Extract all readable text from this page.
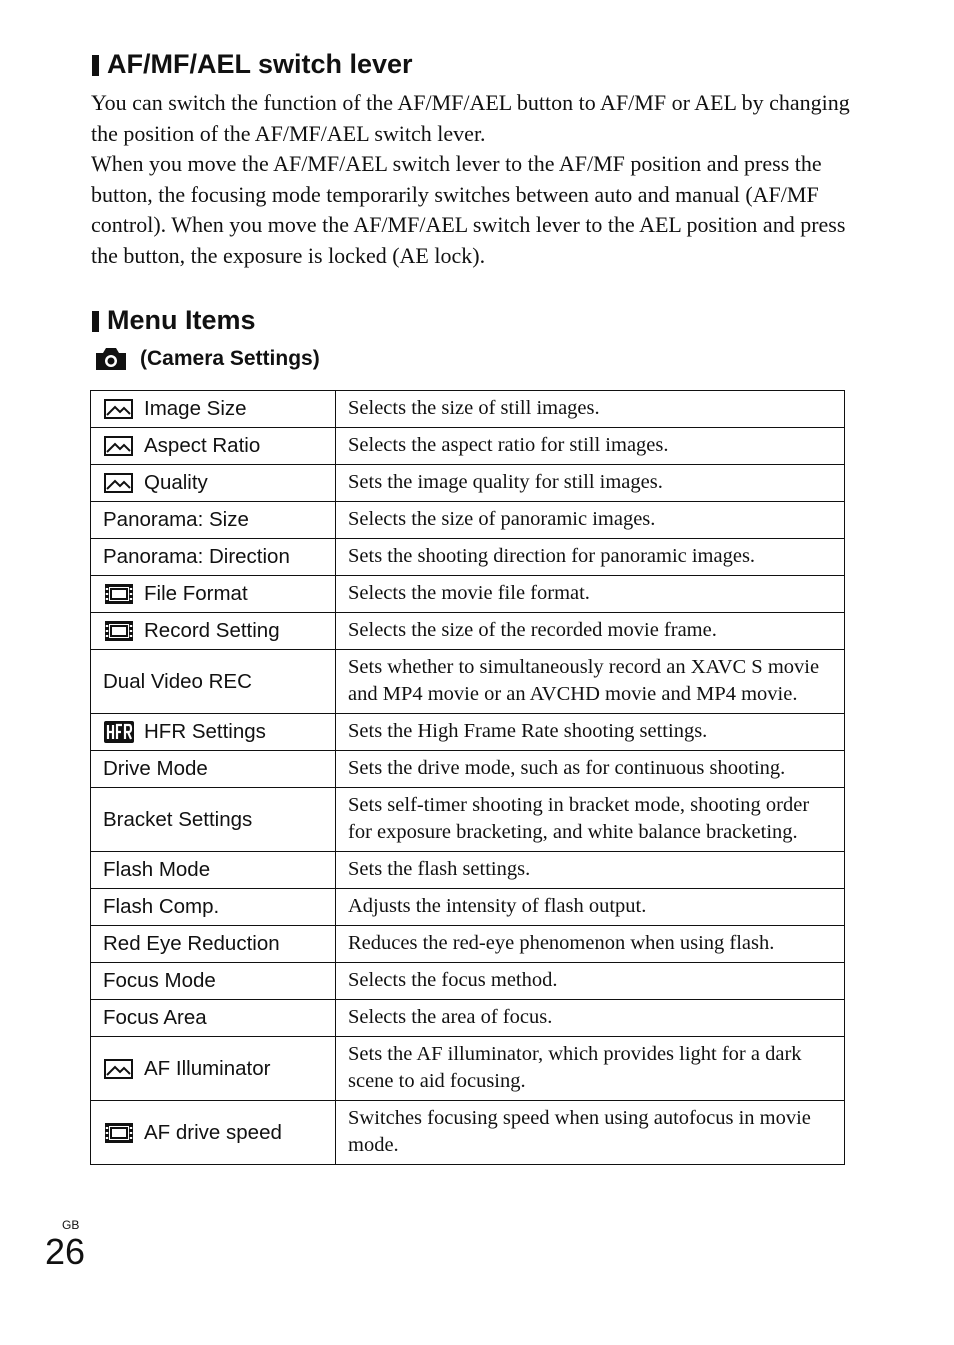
AF/MF/AEL switch lever

You can switch the function of the AF/MF/AEL button to AF/MF or AEL by changing the position of the AF/MF/AEL switch lever.

When you move the AF/MF/AEL switch lever to the AF/MF position and press the button, the focusing mode temporarily switches between auto and manual (AF/MF control). When you move the AF/MF/AEL switch lever to the AEL position and press the button, the exposure is locked (AE lock).

Menu Items
(Camera Settings)
Image Size	Selects the size of still images.

Aspect Ratio	Selects the aspect ratio for still images.

Quality	Sets the image quality for still images.

Panorama: Size	Selects the size of panoramic images.

Panorama: Direction	Sets the shooting direction for panoramic images.

File Format	Selects the movie file format.

Record Setting	Selects the size of the recorded movie frame.

Dual Video REC	Sets whether to simultaneously record an XAVC S movie and MP4 movie or an AVCHD movie and MP4 movie.

HFR Settings	Sets the High Frame Rate shooting settings.

Drive Mode	Sets the drive mode, such as for continuous shooting.

Bracket Settings	Sets self-timer shooting in bracket mode, shooting order for exposure bracketing, and white balance bracketing.

Flash Mode	Sets the flash settings.

Flash Comp.	Adjusts the intensity of flash output.

Red Eye Reduction	Reduces the red-eye phenomenon when using flash.

Focus Mode	Selects the focus method.

Focus Area	Selects the area of focus.

AF Illuminator	Sets the AF illuminator, which provides light for a dark scene to aid focusing.

AF drive speed	Switches focusing speed when using autofocus in movie mode.
GB
26
